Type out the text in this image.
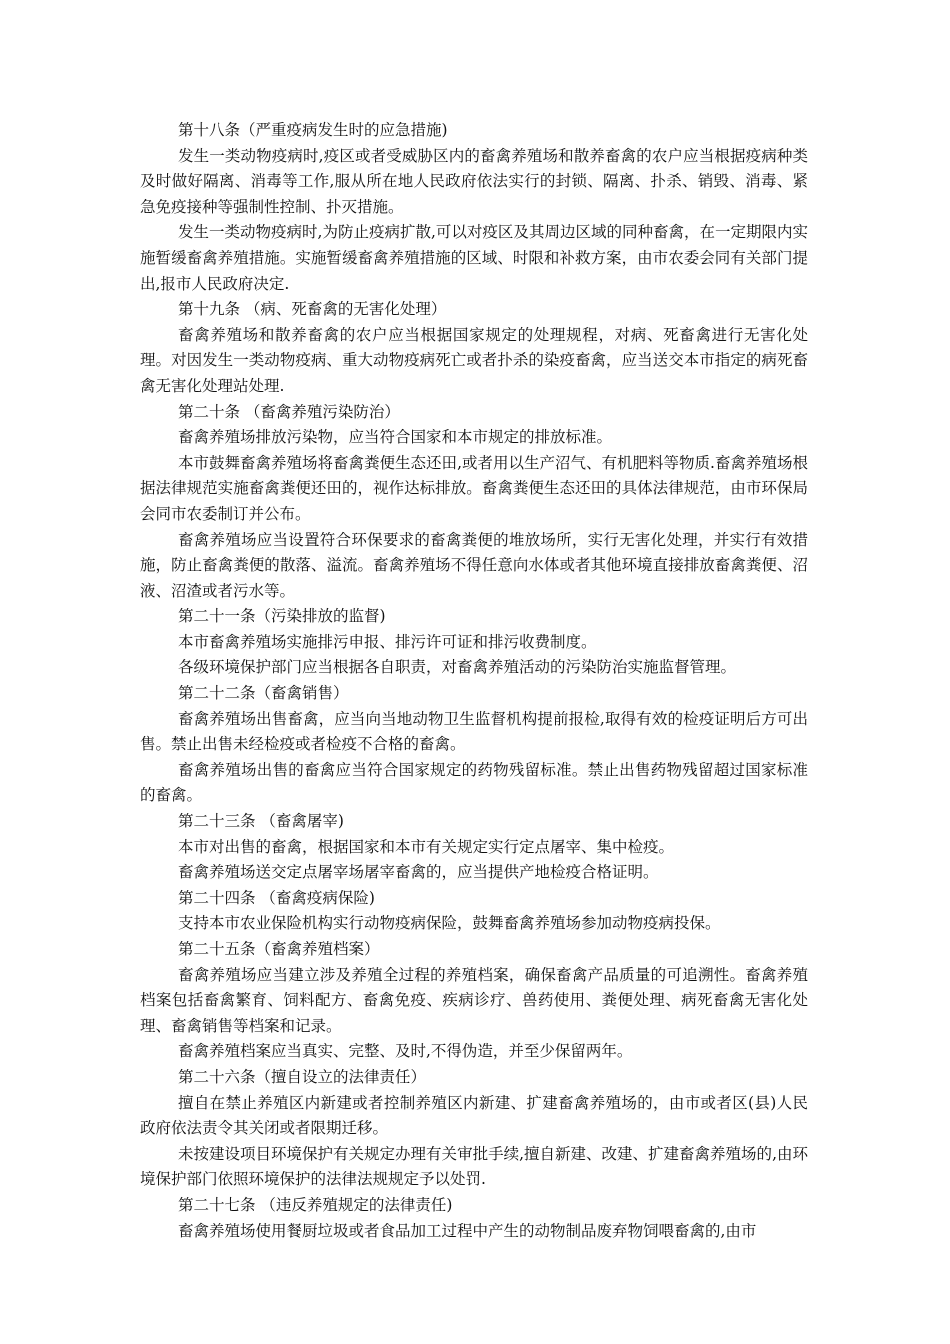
第十八条（严重疫病发生时的应急措施)

发生一类动物疫病时,疫区或者受威胁区内的畜禽养殖场和散养畜禽的农户应当根据疫病种类及时做好隔离、消毒等工作,服从所在地人民政府依法实行的封锁、隔离、扑杀、销毁、消毒、紧急免疫接种等强制性控制、扑灭措施。

发生一类动物疫病时,为防止疫病扩散,可以对疫区及其周边区域的同种畜禽，在一定期限内实施暂缓畜禽养殖措施。实施暂缓畜禽养殖措施的区域、时限和补救方案，由市农委会同有关部门提出,报市人民政府决定.

第十九条 （病、死畜禽的无害化处理）

畜禽养殖场和散养畜禽的农户应当根据国家规定的处理规程，对病、死畜禽进行无害化处理。对因发生一类动物疫病、重大动物疫病死亡或者扑杀的染疫畜禽，应当送交本市指定的病死畜禽无害化处理站处理.

第二十条 （畜禽养殖污染防治）

畜禽养殖场排放污染物，应当符合国家和本市规定的排放标准。

本市鼓舞畜禽养殖场将畜禽粪便生态还田,或者用以生产沼气、有机肥料等物质.畜禽养殖场根据法律规范实施畜禽粪便还田的，视作达标排放。畜禽粪便生态还田的具体法律规范，由市环保局会同市农委制订并公布。

畜禽养殖场应当设置符合环保要求的畜禽粪便的堆放场所，实行无害化处理，并实行有效措施，防止畜禽粪便的散落、溢流。畜禽养殖场不得任意向水体或者其他环境直接排放畜禽粪便、沼液、沼渣或者污水等。

第二十一条（污染排放的监督)

本市畜禽养殖场实施排污申报、排污许可证和排污收费制度。

各级环境保护部门应当根据各自职责，对畜禽养殖活动的污染防治实施监督管理。

第二十二条（畜禽销售）

畜禽养殖场出售畜禽，应当向当地动物卫生监督机构提前报检,取得有效的检疫证明后方可出售。禁止出售未经检疫或者检疫不合格的畜禽。

畜禽养殖场出售的畜禽应当符合国家规定的药物残留标准。禁止出售药物残留超过国家标准的畜禽。

第二十三条 （畜禽屠宰)

本市对出售的畜禽，根据国家和本市有关规定实行定点屠宰、集中检疫。

畜禽养殖场送交定点屠宰场屠宰畜禽的，应当提供产地检疫合格证明。

第二十四条 （畜禽疫病保险)

支持本市农业保险机构实行动物疫病保险，鼓舞畜禽养殖场参加动物疫病投保。

第二十五条（畜禽养殖档案）

畜禽养殖场应当建立涉及养殖全过程的养殖档案，确保畜禽产品质量的可追溯性。畜禽养殖档案包括畜禽繁育、饲料配方、畜禽免疫、疾病诊疗、兽药使用、粪便处理、病死畜禽无害化处理、畜禽销售等档案和记录。

畜禽养殖档案应当真实、完整、及时,不得伪造，并至少保留两年。

第二十六条（擅自设立的法律责任）

擅自在禁止养殖区内新建或者控制养殖区内新建、扩建畜禽养殖场的，由市或者区(县)人民政府依法责令其关闭或者限期迁移。

未按建设项目环境保护有关规定办理有关审批手续,擅自新建、改建、扩建畜禽养殖场的,由环境保护部门依照环境保护的法律法规规定予以处罚.

第二十七条 （违反养殖规定的法律责任)

畜禽养殖场使用餐厨垃圾或者食品加工过程中产生的动物制品废弃物饲喂畜禽的,由市
